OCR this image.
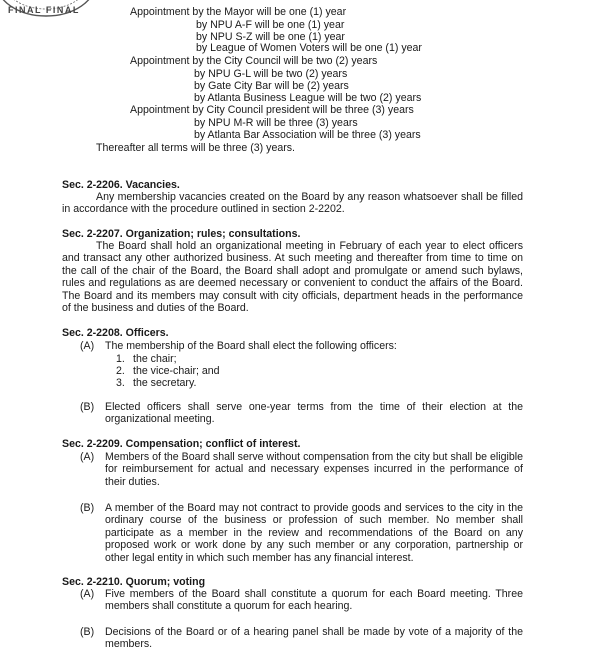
FINAL FINAL	Appointment by the Mayor will be one (1) year
by NPU A-F will be one (1) year
by NPU S-Z will be one (1) year
by League of Women Voters will be one (1) year
Appointment by the City Council will be two (2) years
by NPU G-L will be two (2) years
by Gate City Bar will be (2) years
by Atlanta Business League will be two (2) years
Appointment by City Council president will be three (3) years
by NPU M-R will be three (3) years
by Atlanta Bar Association will be three (3) years
Thereafter all terms will be three (3) years.
Sec. 2-2206. Vacancies.
Any membership vacancies created on the Board by any reason whatsoever shall be filled in accordance with the procedure outlined in section 2-2202.
Sec. 2-2207. Organization; rules; consultations.
The Board shall hold an organizational meeting in February of each year to elect officers and transact any other authorized business. At such meeting and thereafter from time to time on the call of the chair of the Board, the Board shall adopt and promulgate or amend such bylaws, rules and regulations as are deemed necessary or convenient to conduct the affairs of the Board. The Board and its members may consult with city officials, department heads in the performance of the business and duties of the Board.
Sec. 2-2208. Officers.
(A) The membership of the Board shall elect the following officers:
1. the chair;
2. the vice-chair; and
3. the secretary.
(B) Elected officers shall serve one-year terms from the time of their election at the organizational meeting.
Sec. 2-2209. Compensation; conflict of interest.
(A) Members of the Board shall serve without compensation from the city but shall be eligible for reimbursement for actual and necessary expenses incurred in the performance of their duties.
(B) A member of the Board may not contract to provide goods and services to the city in the ordinary course of the business or profession of such member. No member shall participate as a member in the review and recommendations of the Board on any proposed work or work done by any such member or any corporation, partnership or other legal entity in which such member has any financial interest.
Sec. 2-2210. Quorum; voting
(A) Five members of the Board shall constitute a quorum for each Board meeting. Three members shall constitute a quorum for each hearing.
(B) Decisions of the Board or of a hearing panel shall be made by vote of a majority of the members.
